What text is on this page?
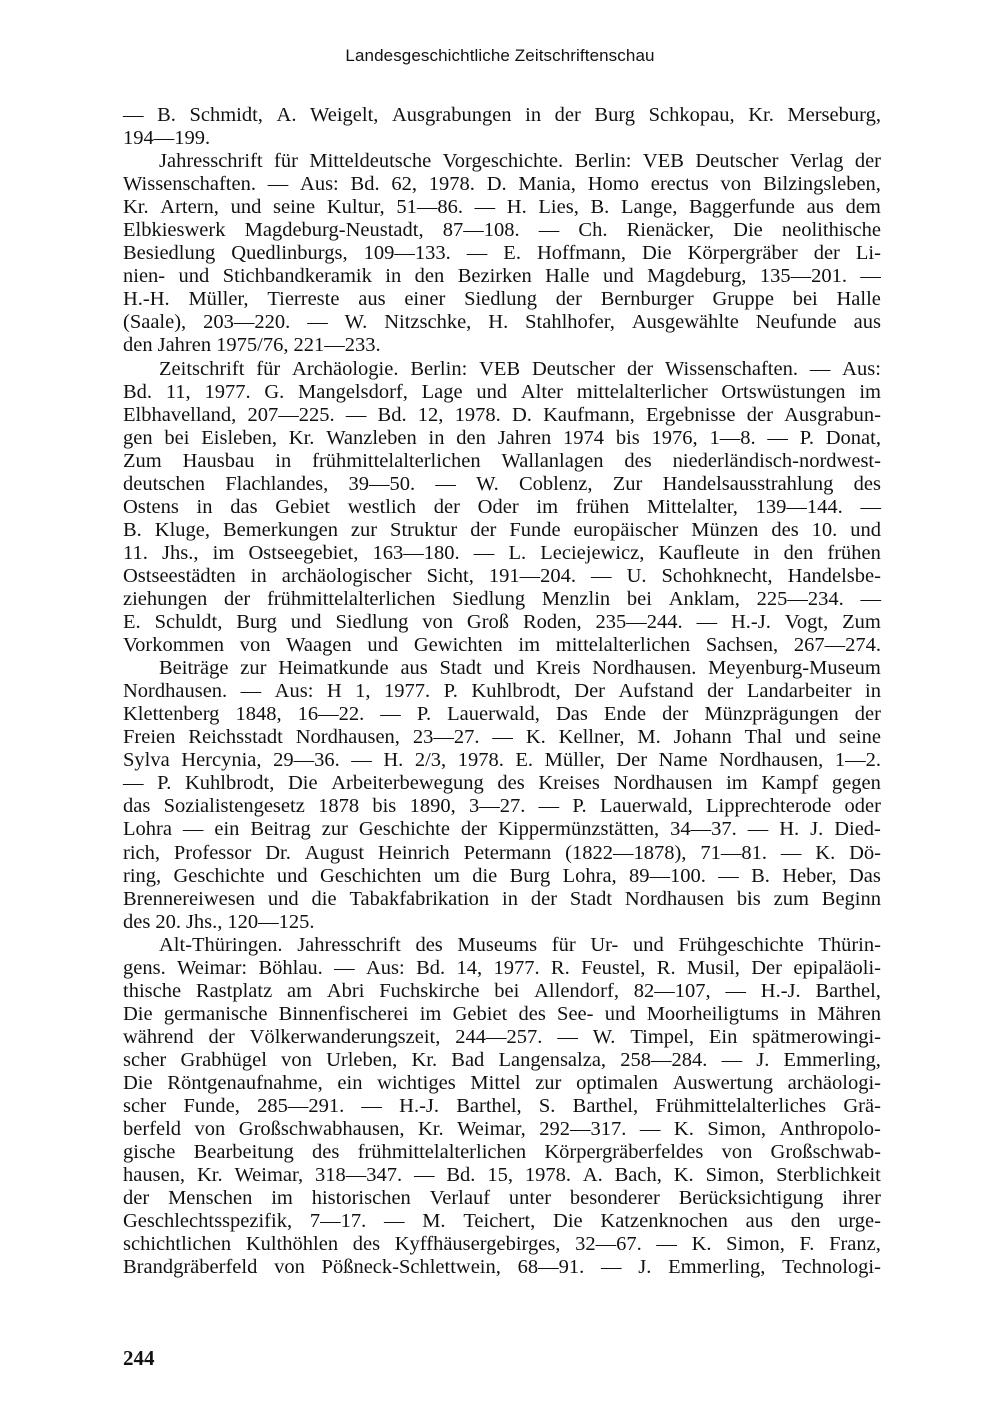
Landesgeschichtliche Zeitschriftenschau
— B. Schmidt, A. Weigelt, Ausgrabungen in der Burg Schkopau, Kr. Merseburg,
194—199.
Jahresschrift für Mitteldeutsche Vorgeschichte. Berlin: VEB Deutscher Verlag der
Wissenschaften. — Aus: Bd. 62, 1978. D. Mania, Homo erectus von Bilzingsleben,
Kr. Artern, und seine Kultur, 51—86. — H. Lies, B. Lange, Baggerfunde aus dem
Elbkieswerk Magdeburg-Neustadt, 87—108. — Ch. Rienäcker, Die neolithische
Besiedlung Quedlinburgs, 109—133. — E. Hoffmann, Die Körpergräber der Li-
nien- und Stichbandkeramik in den Bezirken Halle und Magdeburg, 135—201. —
H.-H. Müller, Tierreste aus einer Siedlung der Bernburger Gruppe bei Halle
(Saale), 203—220. — W. Nitzschke, H. Stahlhofer, Ausgewählte Neufunde aus
den Jahren 1975/76, 221—233.
Zeitschrift für Archäologie. Berlin: VEB Deutscher der Wissenschaften. — Aus:
Bd. 11, 1977. G. Mangelsdorf, Lage und Alter mittelalterlicher Ortswüstungen im
Elbhavelland, 207—225. — Bd. 12, 1978. D. Kaufmann, Ergebnisse der Ausgrabun-
gen bei Eisleben, Kr. Wanzleben in den Jahren 1974 bis 1976, 1—8. — P. Donat,
Zum Hausbau in frühmittelalterlichen Wallanlagen des niederländisch-nordwest-
deutschen Flachlandes, 39—50. — W. Coblenz, Zur Handelsausstrahlung des
Ostens in das Gebiet westlich der Oder im frühen Mittelalter, 139—144. —
B. Kluge, Bemerkungen zur Struktur der Funde europäischer Münzen des 10. und
11. Jhs., im Ostseegebiet, 163—180. — L. Leciejewicz, Kaufleute in den frühen
Ostseestädten in archäologischer Sicht, 191—204. — U. Schohknecht, Handelsbe-
ziehungen der frühmittelalterlichen Siedlung Menzlin bei Anklam, 225—234. —
E. Schuldt, Burg und Siedlung von Groß Roden, 235—244. — H.-J. Vogt, Zum
Vorkommen von Waagen und Gewichten im mittelalterlichen Sachsen, 267—274.
Beiträge zur Heimatkunde aus Stadt und Kreis Nordhausen. Meyenburg-Museum
Nordhausen. — Aus: H 1, 1977. P. Kuhlbrodt, Der Aufstand der Landarbeiter in
Klettenberg 1848, 16—22. — P. Lauerwald, Das Ende der Münzprägungen der
Freien Reichsstadt Nordhausen, 23—27. — K. Kellner, M. Johann Thal und seine
Sylva Hercynia, 29—36. — H. 2/3, 1978. E. Müller, Der Name Nordhausen, 1—2.
— P. Kuhlbrodt, Die Arbeiterbewegung des Kreises Nordhausen im Kampf gegen
das Sozialistengesetz 1878 bis 1890, 3—27. — P. Lauerwald, Lipprechterode oder
Lohra — ein Beitrag zur Geschichte der Kippermünzstätten, 34—37. — H. J. Died-
rich, Professor Dr. August Heinrich Petermann (1822—1878), 71—81. — K. Dö-
ring, Geschichte und Geschichten um die Burg Lohra, 89—100. — B. Heber, Das
Brennereiwesen und die Tabakfabrikation in der Stadt Nordhausen bis zum Beginn
des 20. Jhs., 120—125.
Alt-Thüringen. Jahresschrift des Museums für Ur- und Frühgeschichte Thürin-
gens. Weimar: Böhlau. — Aus: Bd. 14, 1977. R. Feustel, R. Musil, Der epipaläoli-
thische Rastplatz am Abri Fuchskirche bei Allendorf, 82—107, — H.-J. Barthel,
Die germanische Binnenfischerei im Gebiet des See- und Moorheiligtums in Mähren
während der Völkerwanderungszeit, 244—257. — W. Timpel, Ein spätmerowingi-
scher Grabhügel von Urleben, Kr. Bad Langensalza, 258—284. — J. Emmerling,
Die Röntgenaufnahme, ein wichtiges Mittel zur optimalen Auswertung archäologi-
scher Funde, 285—291. — H.-J. Barthel, S. Barthel, Frühmittelalterliches Grä-
berfeld von Großschwabhausen, Kr. Weimar, 292—317. — K. Simon, Anthropolo-
gische Bearbeitung des frühmittelalterlichen Körpergräberfeldes von Großschwab-
hausen, Kr. Weimar, 318—347. — Bd. 15, 1978. A. Bach, K. Simon, Sterblichkeit
der Menschen im historischen Verlauf unter besonderer Berücksichtigung ihrer
Geschlechtsspezifik, 7—17. — M. Teichert, Die Katzenknochen aus den urge-
schichtlichen Kulthöhlen des Kyffhäusergebirges, 32—67. — K. Simon, F. Franz,
Brandgräberfeld von Pößneck-Schlettwein, 68—91. — J. Emmerling, Technologi-
244
